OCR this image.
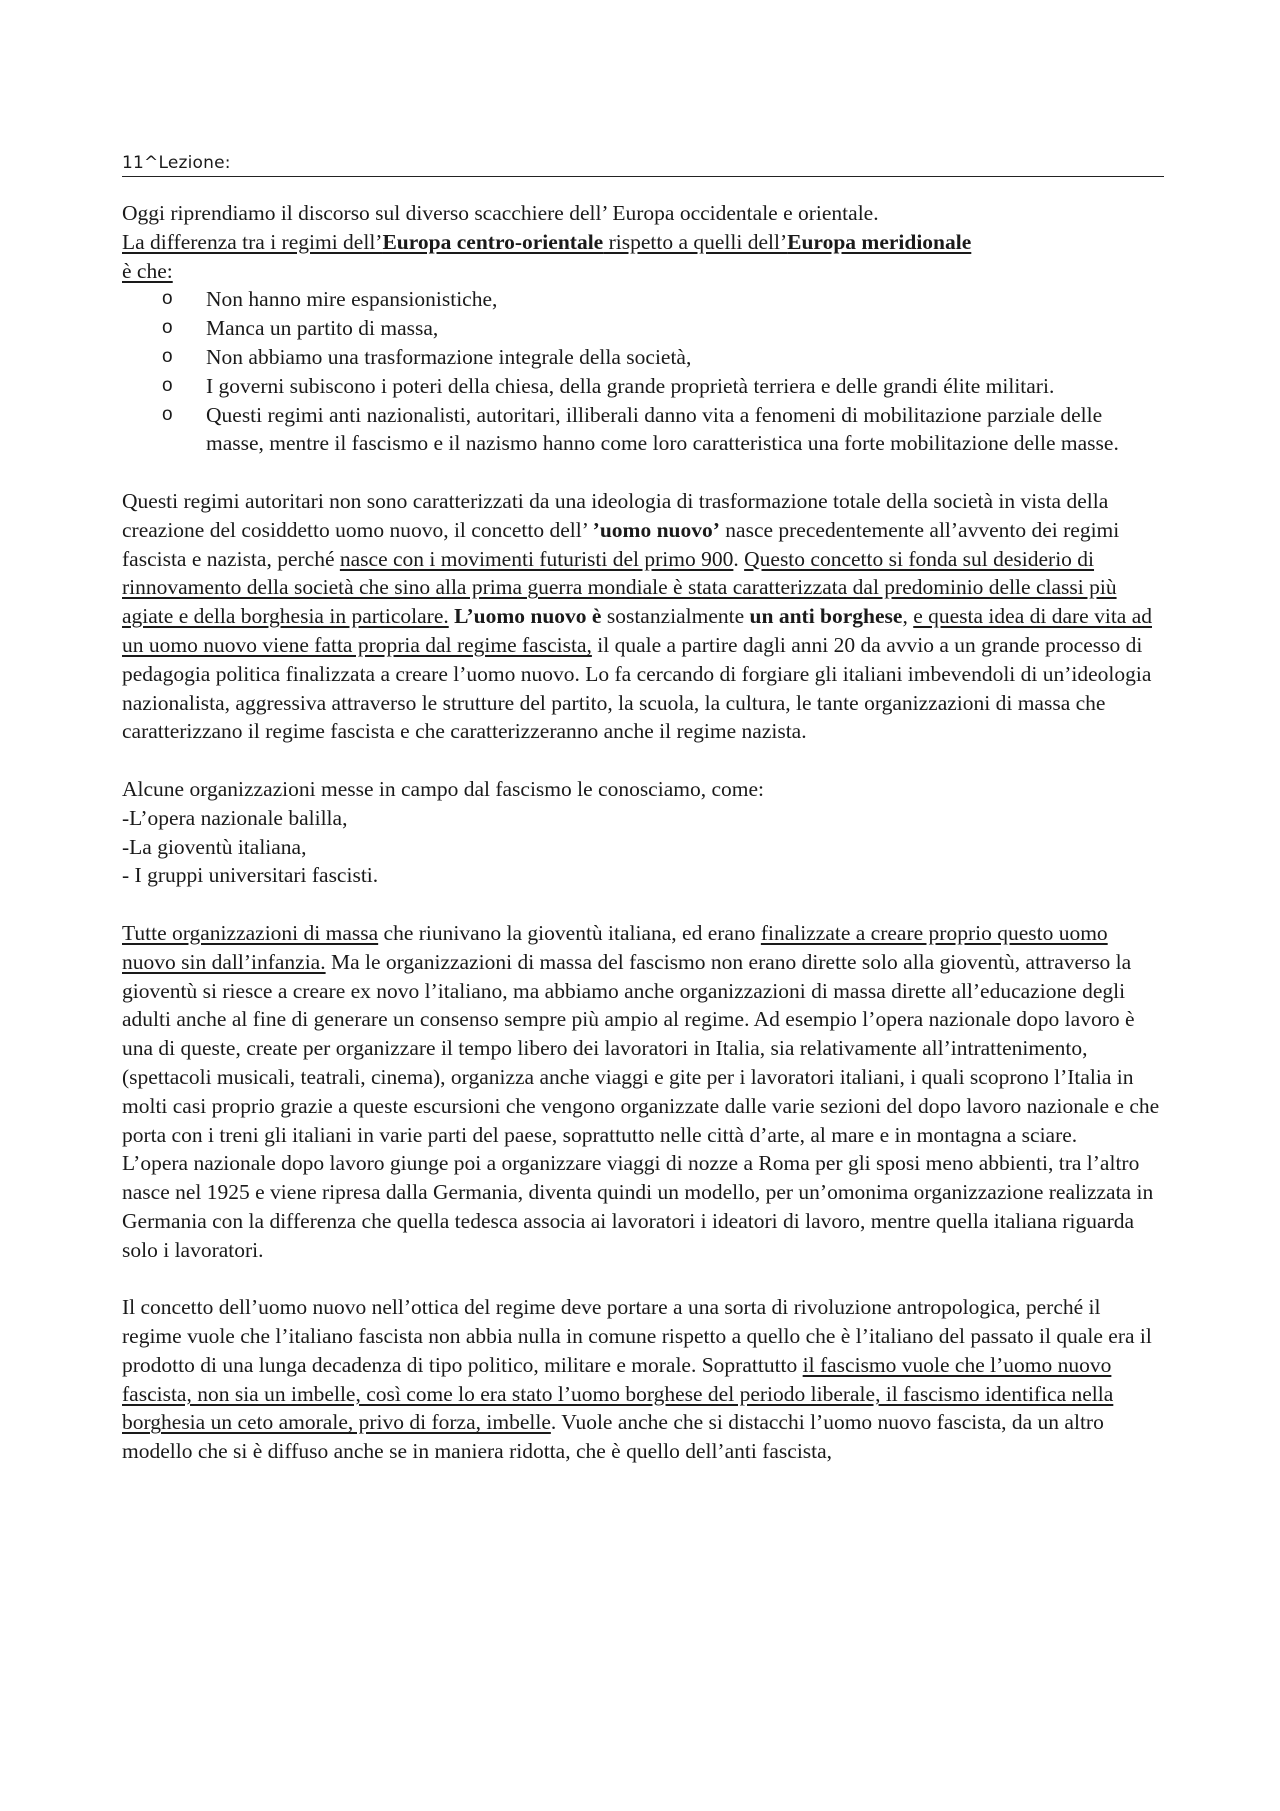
11^Lezione:
Oggi riprendiamo il discorso sul diverso scacchiere dell’ Europa occidentale e orientale.
La differenza tra i regimi dell’Europa centro-orientale rispetto a quelli dell’Europa meridionale
è che:
o Non hanno mire espansionistiche,
o Manca un partito di massa,
o Non abbiamo una trasformazione integrale della società,
o I governi subiscono i poteri della chiesa, della grande proprietà terriera e delle grandi élite militari.
o Questi regimi anti nazionalisti, autoritari, illiberali danno vita a fenomeni di mobilitazione parziale delle masse, mentre il fascismo e il nazismo hanno come loro caratteristica una forte mobilitazione delle masse.
Questi regimi autoritari non sono caratterizzati da una ideologia di trasformazione totale della società in vista della creazione del cosiddetto uomo nuovo, il concetto dell’ ’uomo nuovo’ nasce precedentemente all’avvento dei regimi fascista e nazista, perché nasce con i movimenti futuristi del primo 900. Questo concetto si fonda sul desiderio di rinnovamento della società che sino alla prima guerra mondiale è stata caratterizzata dal predominio delle classi più agiate e della borghesia in particolare. L’uomo nuovo è sostanzialmente un anti borghese, e questa idea di dare vita ad un uomo nuovo viene fatta propria dal regime fascista, il quale a partire dagli anni 20 da avvio a un grande processo di pedagogia politica finalizzata a creare l’uomo nuovo. Lo fa cercando di forgiare gli italiani imbevendoli di un’ideologia nazionalista, aggressiva attraverso le strutture del partito, la scuola, la cultura, le tante organizzazioni di massa che caratterizzano il regime fascista e che caratterizzeranno anche il regime nazista.
Alcune organizzazioni messe in campo dal fascismo le conosciamo, come:
-L’opera nazionale balilla,
-La gioventù italiana,
- I gruppi universitari fascisti.
Tutte organizzazioni di massa che riunivano la gioventù italiana, ed erano finalizzate a creare proprio questo uomo nuovo sin dall’infanzia. Ma le organizzazioni di massa del fascismo non erano dirette solo alla gioventù, attraverso la gioventù si riesce a creare ex novo l’italiano, ma abbiamo anche organizzazioni di massa dirette all’educazione degli adulti anche al fine di generare un consenso sempre più ampio al regime. Ad esempio l’opera nazionale dopo lavoro è una di queste, create per organizzare il tempo libero dei lavoratori in Italia, sia relativamente all’intrattenimento, (spettacoli musicali, teatrali, cinema), organizza anche viaggi e gite per i lavoratori italiani, i quali scoprono l’Italia in molti casi proprio grazie a queste escursioni che vengono organizzate dalle varie sezioni del dopo lavoro nazionale e che porta con i treni gli italiani in varie parti del paese, soprattutto nelle città d’arte, al mare e in montagna a sciare.
L’opera nazionale dopo lavoro giunge poi a organizzare viaggi di nozze a Roma per gli sposi meno abbienti, tra l’altro nasce nel 1925 e viene ripresa dalla Germania, diventa quindi un modello, per un’omonima organizzazione realizzata in Germania con la differenza che quella tedesca associa ai lavoratori i ideatori di lavoro, mentre quella italiana riguarda solo i lavoratori.
Il concetto dell’uomo nuovo nell’ottica del regime deve portare a una sorta di rivoluzione antropologica, perché il regime vuole che l’italiano fascista non abbia nulla in comune rispetto a quello che è l’italiano del passato il quale era il prodotto di una lunga decadenza di tipo politico, militare e morale. Soprattutto il fascismo vuole che l’uomo nuovo fascista, non sia un imbelle, così come lo era stato l’uomo borghese del periodo liberale, il fascismo identifica nella borghesia un ceto amorale, privo di forza, imbelle. Vuole anche che si distacchi l’uomo nuovo fascista, da un altro modello che si è diffuso anche se in maniera ridotta, che è quello dell’anti fascista,
